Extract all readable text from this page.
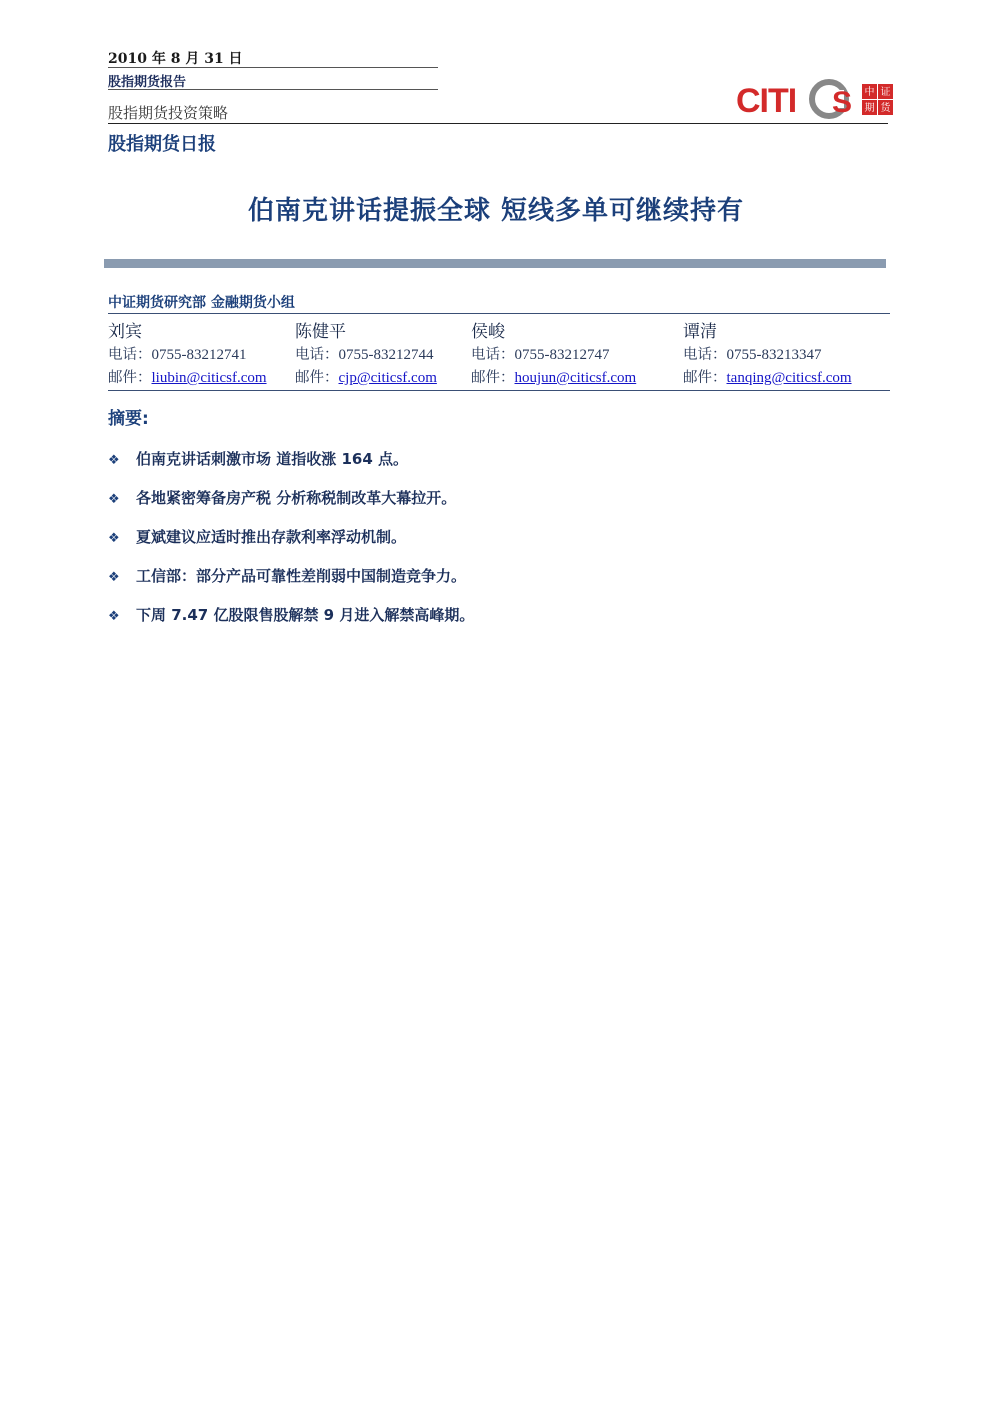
2010 年 8 月 31 日
股指期货报告
股指期货投资策略
股指期货日报
CITI S 中 证
期 货
伯南克讲话提振全球 短线多单可继续持有
中证期货研究部 金融期货小组
刘宾
电话：0755-83212741
邮件：liubin@citicsf.com
陈健平
电话：0755-83212744
邮件：cjp@citicsf.com
侯峻
电话：0755-83212747
邮件：houjun@citicsf.com
谭清
电话：0755-83213347
邮件：tanqing@citicsf.com
摘要:
❖ 伯南克讲话刺激市场 道指收涨 164 点。
❖ 各地紧密筹备房产税 分析称税制改革大幕拉开。
❖ 夏斌建议应适时推出存款利率浮动机制。
❖ 工信部：部分产品可靠性差削弱中国制造竞争力。
❖ 下周 7.47 亿股限售股解禁 9 月进入解禁高峰期。
